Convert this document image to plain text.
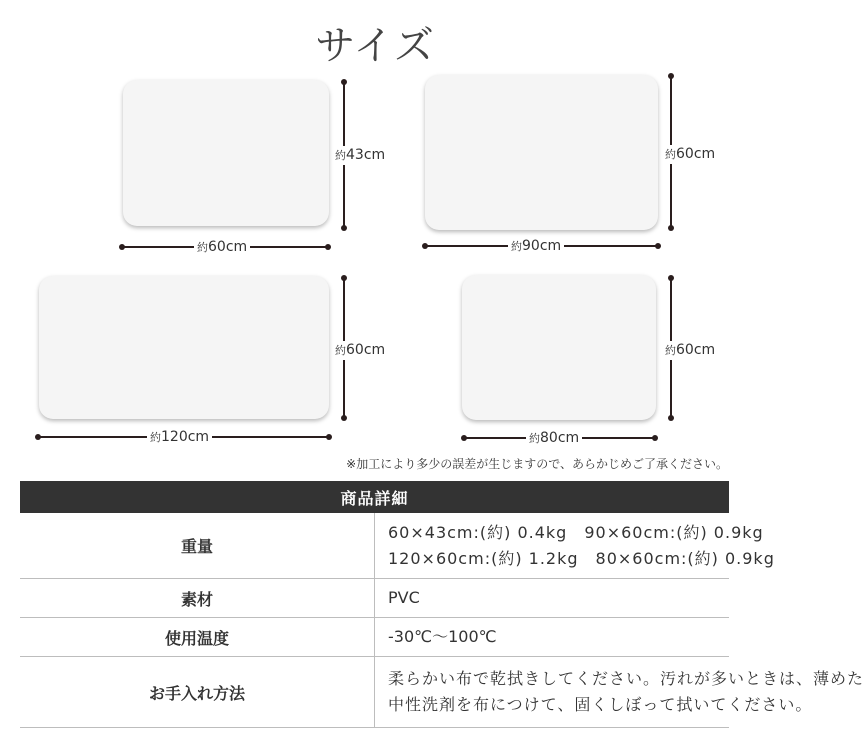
サイズ
約43cm
約60cm
約60cm
約90cm
約60cm
約120cm
約60cm
約80cm
※加工により多少の誤差が生じますので、あらかじめご了承ください。
商品詳細	
重量	60×43cm:(約) 0.4kg　90×60cm:(約) 0.9kg
120×60cm:(約) 1.2kg　80×60cm:(約) 0.9kg

素材	PVC

使用温度	-30℃〜100℃

お手入れ方法	柔らかい布で乾拭きしてください。汚れが多いときは、薄めた
中性洗剤を布につけて、固くしぼって拭いてください。
